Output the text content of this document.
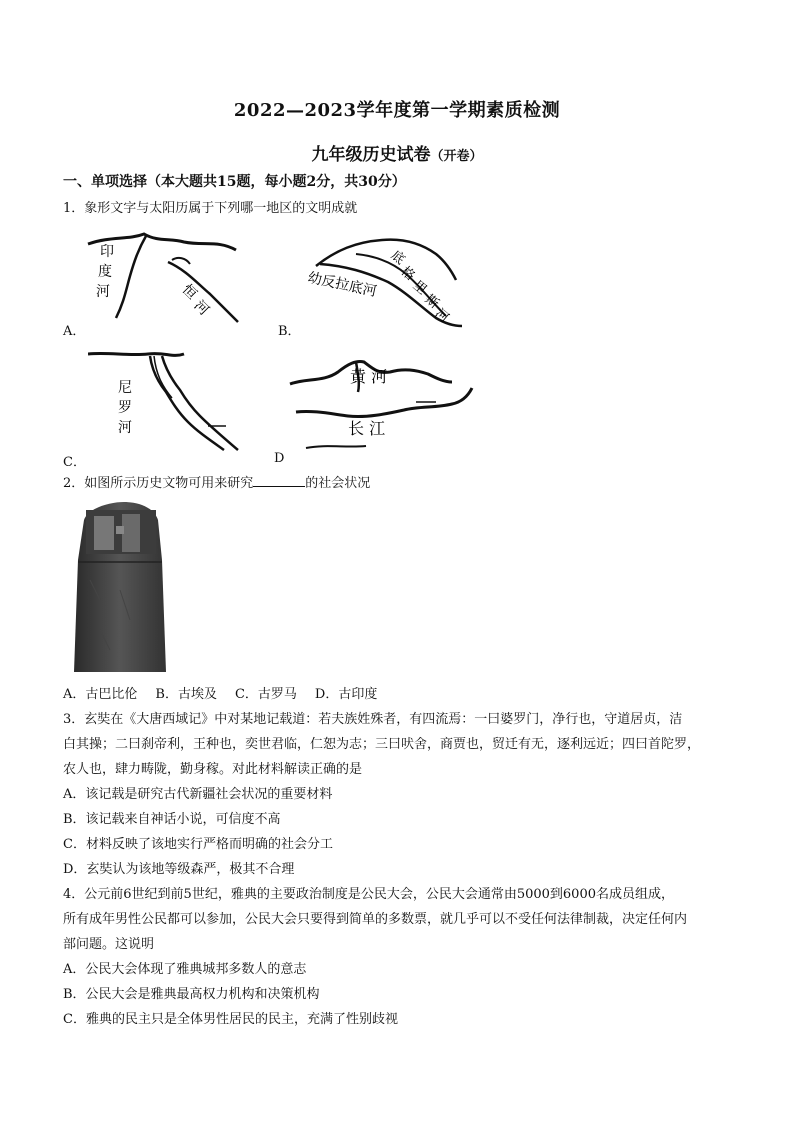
2022—2023学年度第一学期素质检测
九年级历史试卷（开卷）
一、单项选择（本大题共15题，每小题2分，共30分）
1．象形文字与太阳历属于下列哪一地区的文明成就
印
度
河	恒
河
A．
幼反拉底河
底
格
里
斯
河
B．
尼
罗
河
C．
黄 河
长 江
D
2．如图所示历史文物可用来研究	的社会状况
A．古巴比伦 B．古埃及 C．古罗马 D．古印度
3．玄奘在《大唐西域记》中对某地记载道：若夫族姓殊者，有四流焉：一曰婆罗门，净行也，守道居贞，洁
白其操；二曰刹帝利，王种也，奕世君临，仁恕为志；三曰吠舍，商贾也，贸迁有无，逐利远近；四曰首陀罗，
农人也，肆力畴陇，勤身稼。对此材料解读正确的是
A．该记载是研究古代新疆社会状况的重要材料
B．该记载来自神话小说，可信度不高
C．材料反映了该地实行严格而明确的社会分工
D．玄奘认为该地等级森严，极其不合理
4．公元前6世纪到前5世纪，雅典的主要政治制度是公民大会，公民大会通常由5000到6000名成员组成，
所有成年男性公民都可以参加，公民大会只要得到简单的多数票，就几乎可以不受任何法律制裁，决定任何内
部问题。这说明
A．公民大会体现了雅典城邦多数人的意志
B．公民大会是雅典最高权力机构和决策机构
C．雅典的民主只是全体男性居民的民主，充满了性别歧视
